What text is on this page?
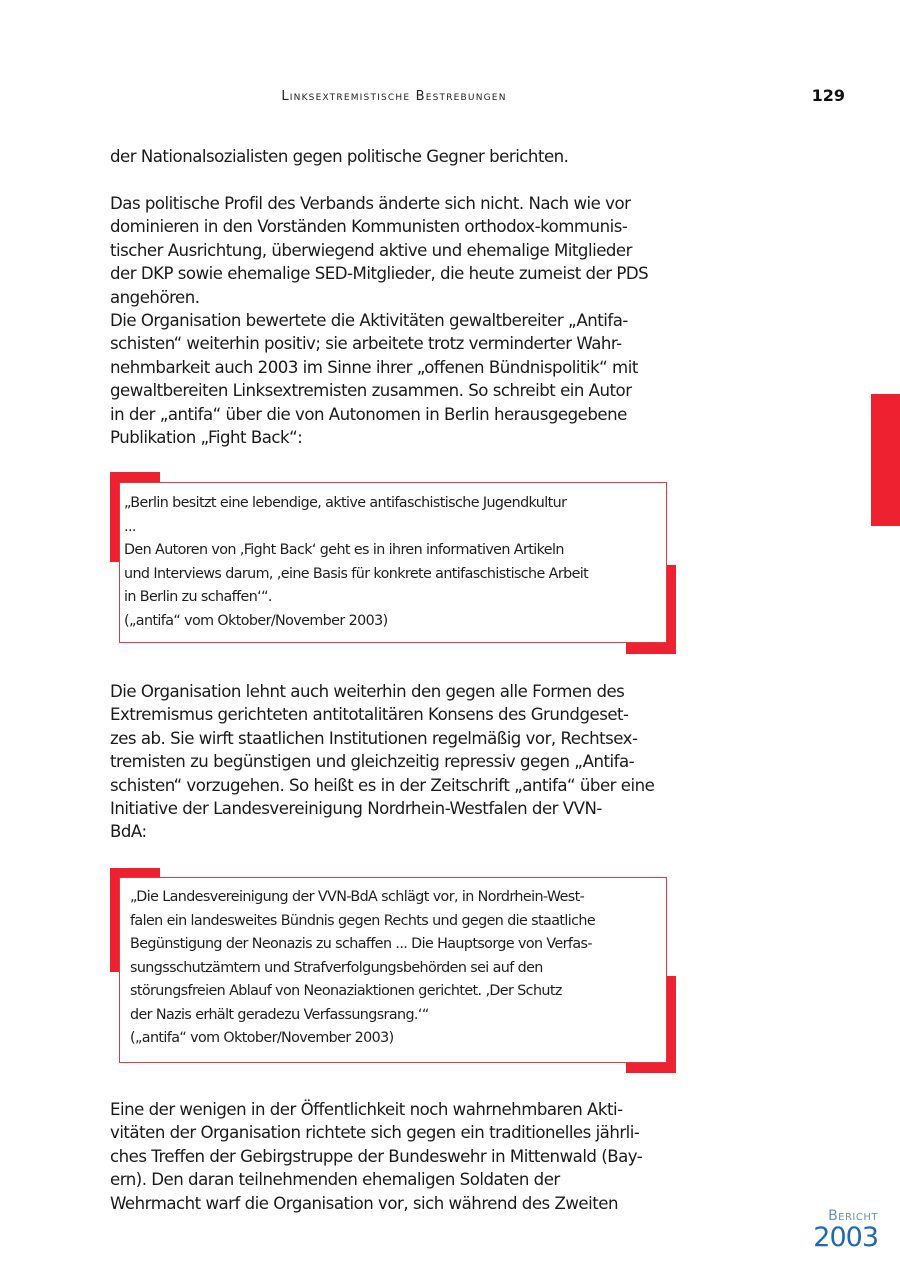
Linksextremistische Bestrebungen	129

der Nationalsozialisten gegen politische Gegner berichten.

Das politische Profil des Verbands änderte sich nicht. Nach wie vor

dominieren in den Vorständen Kommunisten orthodox-kommunis-

tischer Ausrichtung, überwiegend aktive und ehemalige Mitglieder

der DKP sowie ehemalige SED-Mitglieder, die heute zumeist der PDS

angehören.

Die Organisation bewertete die Aktivitäten gewaltbereiter „Antifa-

schisten“ weiterhin positiv; sie arbeitete trotz verminderter Wahr-

nehmbarkeit auch 2003 im Sinne ihrer „offenen Bündnispolitik“ mit

gewaltbereiten Linksextremisten zusammen. So schreibt ein Autor

in der „antifa“ über die von Autonomen in Berlin herausgegebene

Publikation „Fight Back“:

„Berlin besitzt eine lebendige, aktive antifaschistische Jugendkultur

...

Den Autoren von ‚Fight Back‘ geht es in ihren informativen Artikeln

und Interviews darum, ‚eine Basis für konkrete antifaschistische Arbeit

in Berlin zu schaffen‘“.

(„antifa“ vom Oktober/November 2003)

Die Organisation lehnt auch weiterhin den gegen alle Formen des

Extremismus gerichteten antitotalitären Konsens des Grundgeset-

zes ab. Sie wirft staatlichen Institutionen regelmäßig vor, Rechtsex-

tremisten zu begünstigen und gleichzeitig repressiv gegen „Antifa-

schisten“ vorzugehen. So heißt es in der Zeitschrift „antifa“ über eine

Initiative der Landesvereinigung Nordrhein-Westfalen der VVN-

BdA:

„Die Landesvereinigung der VVN-BdA schlägt vor, in Nordrhein-West-

falen ein landesweites Bündnis gegen Rechts und gegen die staatliche

Begünstigung der Neonazis zu schaffen ... Die Hauptsorge von Verfas-

sungsschutzämtern und Strafverfolgungsbehörden sei auf den

störungsfreien Ablauf von Neonaziaktionen gerichtet. ‚Der Schutz

der Nazis erhält geradezu Verfassungsrang.‘“

(„antifa“ vom Oktober/November 2003)

Eine der wenigen in der Öffentlichkeit noch wahrnehmbaren Akti-

vitäten der Organisation richtete sich gegen ein traditionelles jährli-

ches Treffen der Gebirgstruppe der Bundeswehr in Mittenwald (Bay-

ern). Den daran teilnehmenden ehemaligen Soldaten der

Wehrmacht warf die Organisation vor, sich während des Zweiten

Bericht
2003
